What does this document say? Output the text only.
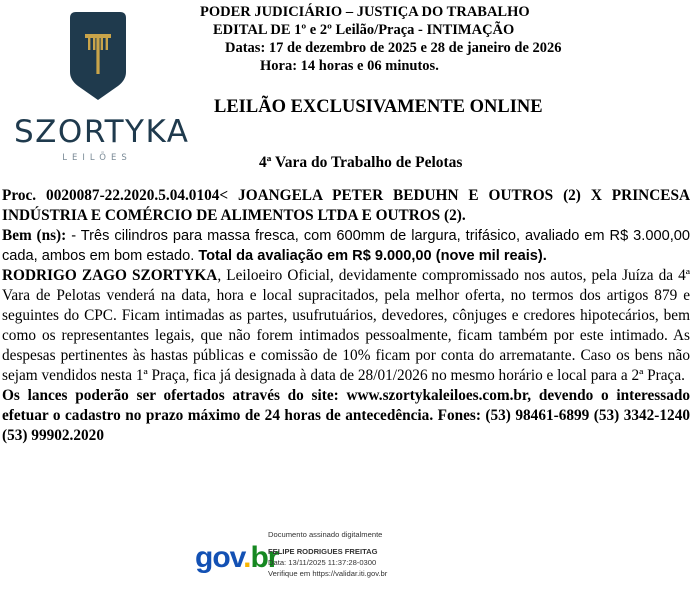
SZORTYKA
LEILÕES
PODER JUDICIÁRIO – JUSTIÇA DO TRABALHO
EDITAL DE 1º e 2º Leilão/Praça - INTIMAÇÃO
Datas: 17 de dezembro de 2025 e 28 de janeiro de 2026
Hora: 14 horas e 06 minutos.
LEILÃO EXCLUSIVAMENTE ONLINE
4ª Vara do Trabalho de Pelotas

Proc. 0020087-22.2020.5.04.0104< JOANGELA PETER BEDUHN E OUTROS (2) X PRINCESA INDÚSTRIA E COMÉRCIO DE ALIMENTOS LTDA E OUTROS (2).

Bem (ns): - Três cilindros para massa fresca, com 600mm de largura, trifásico, avaliado em R$ 3.000,00 cada, ambos em bom estado. Total da avaliação em R$ 9.000,00 (nove mil reais).

RODRIGO ZAGO SZORTYKA, Leiloeiro Oficial, devidamente compromissado nos autos, pela Juíza da 4ª Vara de Pelotas venderá na data, hora e local supracitados, pela melhor oferta, no termos dos artigos 879 e seguintes do CPC. Ficam intimadas as partes, usufrutuários, devedores, cônjuges e credores hipotecários, bem como os representantes legais, que não forem intimados pessoalmente, ficam também por este intimado. As despesas pertinentes às hastas públicas e comissão de 10% ficam por conta do arrematante. Caso os bens não sejam vendidos nesta 1ª Praça, fica já designada à data de 28/01/2026 no mesmo horário e local para a 2ª Praça.

Os lances poderão ser ofertados através do site: www.szortykaleiloes.com.br, devendo o interessado efetuar o cadastro no prazo máximo de 24 horas de antecedência. Fones: (53) 98461-6899 (53) 3342-1240 (53) 99902.2020

gov.br
Documento assinado digitalmente
FELIPE RODRIGUES FREITAG
Data: 13/11/2025 11:37:28-0300
Verifique em https://validar.iti.gov.br
